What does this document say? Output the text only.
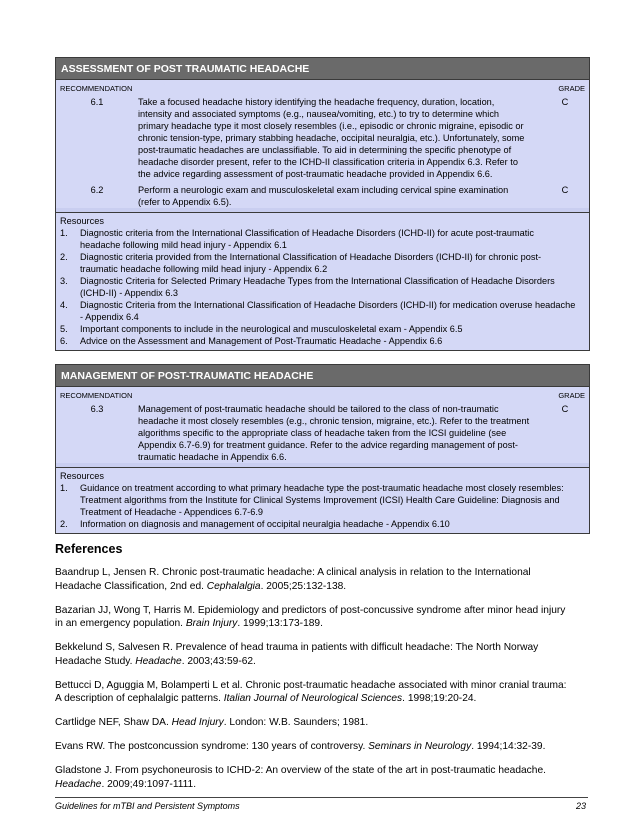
ASSESSMENT OF POST TRAUMATIC HEADACHE
RECOMMENDATION	GRADE
6.1	Take a focused headache history identifying the headache frequency, duration, location,
intensity and associated symptoms (e.g., nausea/vomiting, etc.) to try to determine which
primary headache type it most closely resembles (i.e., episodic or chronic migraine, episodic or
chronic tension-type, primary stabbing headache, occipital neuralgia, etc.). Unfortunately, some
post-traumatic headaches are unclassifiable. To aid in determining the specific phenotype of
headache disorder present, refer to the ICHD-II classification criteria in Appendix 6.3. Refer to
the advice regarding assessment of post-traumatic headache provided in Appendix 6.6.
C
6.2	Perform a neurologic exam and musculoskeletal exam including cervical spine examination
(refer to Appendix 6.5).
C
Resources
1.	Diagnostic criteria from the International Classification of Headache Disorders (ICHD-II) for acute post-traumatic
headache following mild head injury - Appendix 6.1
2.	Diagnostic criteria provided from the International Classification of Headache Disorders (ICHD-II) for chronic post-
traumatic headache following mild head injury - Appendix 6.2
3.	Diagnostic Criteria for Selected Primary Headache Types from the International Classification of Headache Disorders
(ICHD-II) - Appendix 6.3
4.	Diagnostic Criteria from the International Classification of Headache Disorders (ICHD-II) for medication overuse headache
- Appendix 6.4
5.	Important components to include in the neurological and musculoskeletal exam - Appendix 6.5
6.	Advice on the Assessment and Management of Post-Traumatic Headache - Appendix 6.6
MANAGEMENT OF POST-TRAUMATIC HEADACHE
RECOMMENDATION	GRADE
6.3	Management of post-traumatic headache should be tailored to the class of non-traumatic
headache it most closely resembles (e.g., chronic tension, migraine, etc.). Refer to the treatment
algorithms specific to the appropriate class of headache taken from the ICSI guideline (see
Appendix 6.7-6.9) for treatment guidance. Refer to the advice regarding management of post-
traumatic headache in Appendix 6.6.
C
Resources
1.	Guidance on treatment according to what primary headache type the post-traumatic headache most closely resembles:
Treatment algorithms from the Institute for Clinical Systems Improvement (ICSI) Health Care Guideline: Diagnosis and
Treatment of Headache - Appendices 6.7-6.9
2.	Information on diagnosis and management of occipital neuralgia headache - Appendix 6.10
References
Baandrup L, Jensen R. Chronic post-traumatic headache: A clinical analysis in relation to the International
Headache Classification, 2nd ed. Cephalalgia. 2005;25:132-138.
Bazarian JJ, Wong T, Harris M. Epidemiology and predictors of post-concussive syndrome after minor head injury
in an emergency population. Brain Injury. 1999;13:173-189.
Bekkelund S, Salvesen R. Prevalence of head trauma in patients with difficult headache: The North Norway
Headache Study. Headache. 2003;43:59-62.
Bettucci D, Aguggia M, Bolamperti L et al. Chronic post-traumatic headache associated with minor cranial trauma:
A description of cephalalgic patterns. Italian Journal of Neurological Sciences. 1998;19:20-24.
Cartlidge NEF, Shaw DA. Head Injury. London: W.B. Saunders; 1981.
Evans RW. The postconcussion syndrome: 130 years of controversy. Seminars in Neurology. 1994;14:32-39.
Gladstone J. From psychoneurosis to ICHD-2: An overview of the state of the art in post-traumatic headache.
Headache. 2009;49:1097-1111.
Guidelines for mTBI and Persistent Symptoms	23
